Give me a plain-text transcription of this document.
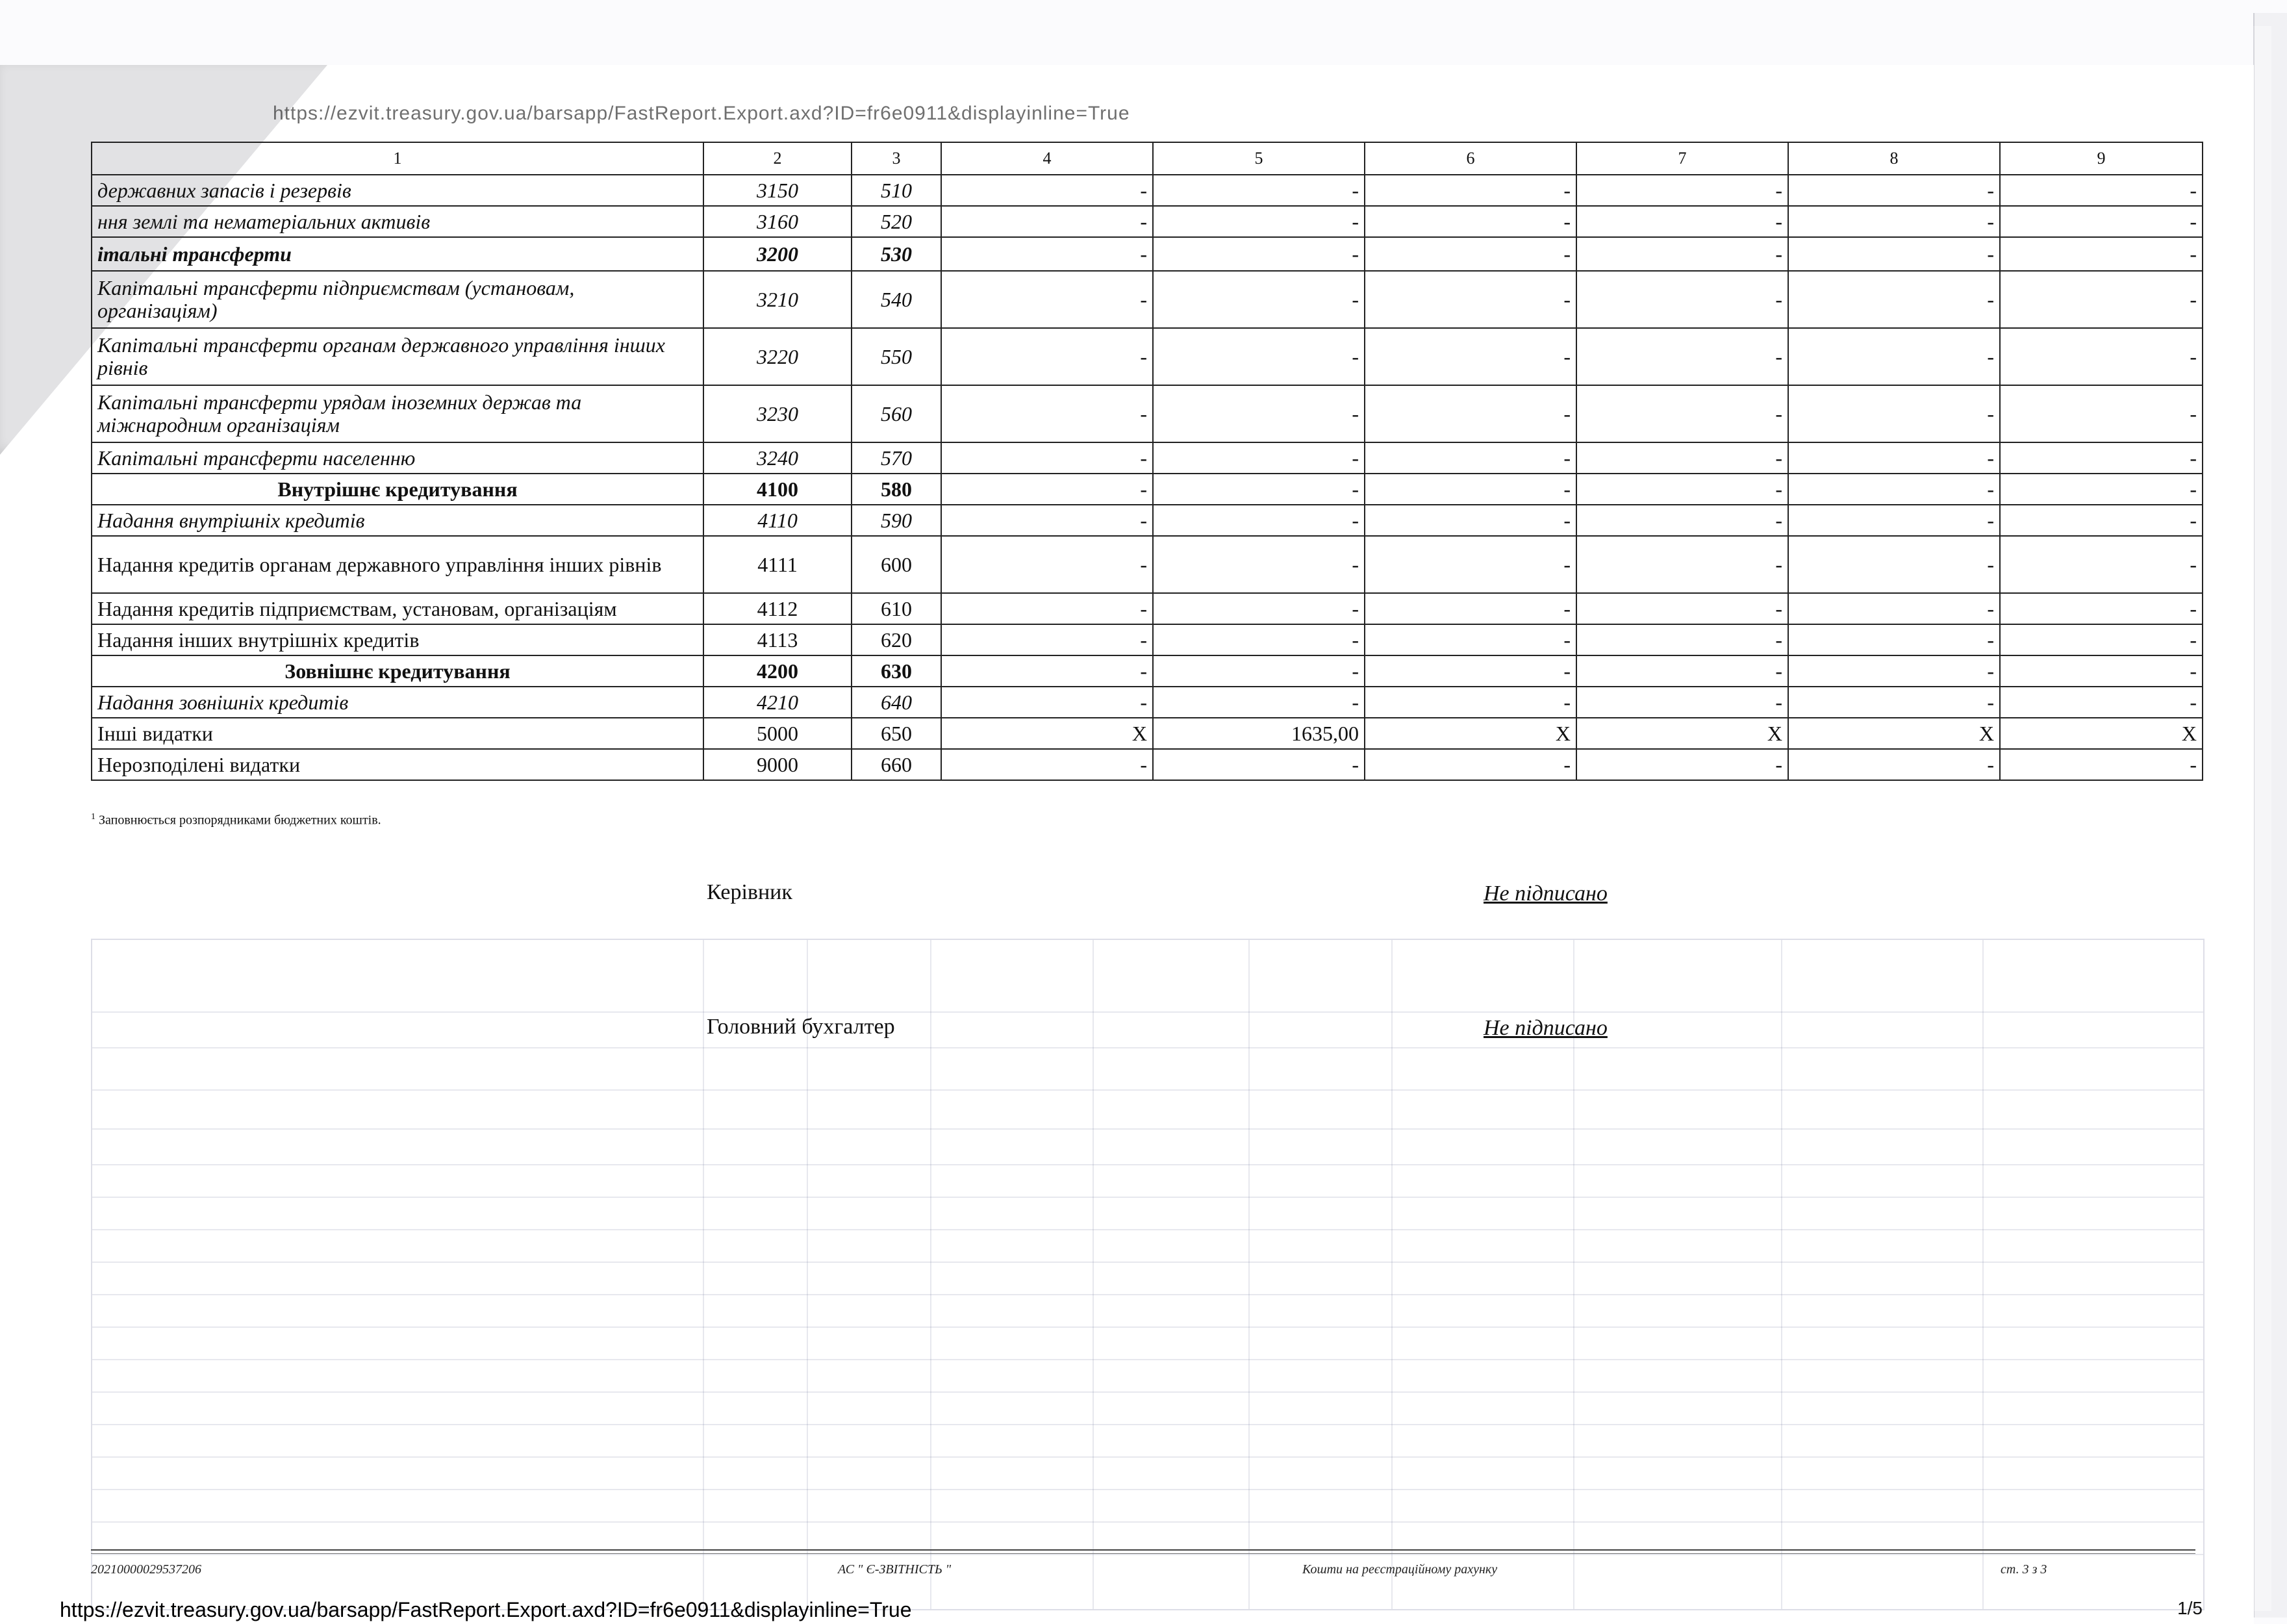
https://ezvit.treasury.gov.ua/barsapp/FastReport.Export.axd?ID=fr6e0911&displayinline=True
1	2	3	4	5	6	7	8	9
державних запасів і резервів	3150	510	-	-	-	-	-	-
ння землі та нематеріальних активів	3160	520	-	-	-	-	-	-
італьні трансферти	3200	530	-	-	-	-	-	-
Капітальні трансферти підприємствам (установам, організаціям)	3210	540	-	-	-	-	-	-
Капітальні трансферти органам державного управління інших рівнів	3220	550	-	-	-	-	-	-
Капітальні трансферти урядам іноземних держав та міжнародним організаціям	3230	560	-	-	-	-	-	-
Капітальні трансферти населенню	3240	570	-	-	-	-	-	-
Внутрішнє кредитування	4100	580	-	-	-	-	-	-
Надання внутрішніх кредитів	4110	590	-	-	-	-	-	-
Надання кредитів органам державного управління інших рівнів	4111	600	-	-	-	-	-	-
Надання кредитів підприємствам, установам, організаціям	4112	610	-	-	-	-	-	-
Надання інших внутрішніх кредитів	4113	620	-	-	-	-	-	-
Зовнішнє кредитування	4200	630	-	-	-	-	-	-
Надання зовнішніх кредитів	4210	640	-	-	-	-	-	-
Інші видатки	5000	650	X	1635,00	X	X	X	X
Нерозподілені видатки	9000	660	-	-	-	-	-	-
$^1$ Заповнюється розпорядниками бюджетних коштів.
Керівник	Не підписано
Головний бухгалтер	Не підписано
20210000029537206	АС " Є-ЗВІТНІСТЬ "	Кошти на реєстраційному рахунку	ст. 3 з 3
https://ezvit.treasury.gov.ua/barsapp/FastReport.Export.axd?ID=fr6e0911&displayinline=True	1/5
